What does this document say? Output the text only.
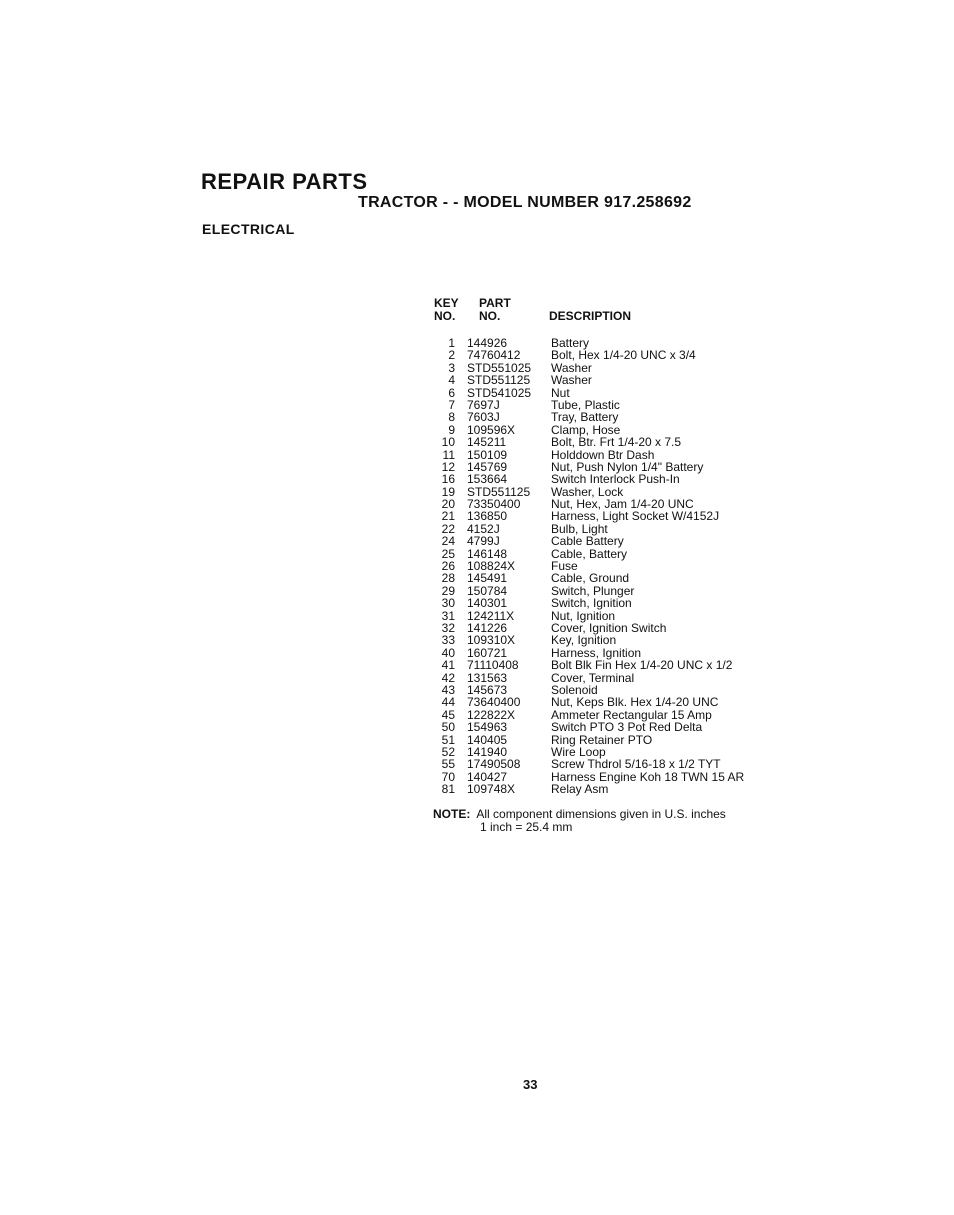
REPAIR PARTS
TRACTOR - - MODEL NUMBER 917.258692
ELECTRICAL
KEY
NO.
PART
NO.	DESCRIPTION
1 144926	Battery
2 74760412	Bolt, Hex 1/4-20 UNC x 3/4
3 STD551025 Washer
4 STD551125 Washer
6 STD541025 Nut
7 7697J	Tube, Plastic
8 7603J	Tray, Battery
9 109596X	Clamp, Hose
10 145211	Bolt, Btr. Frt 1/4-20 x 7.5
11 150109	Holddown Btr Dash
12 145769	Nut, Push Nylon 1/4" Battery
16 153664	Switch Interlock Push-In
19 STD551125 Washer, Lock
20 73350400	Nut, Hex, Jam 1/4-20 UNC
21 136850	Harness, Light Socket W/4152J
22 4152J	Bulb, Light
24 4799J	Cable Battery
25 146148	Cable, Battery
26 108824X	Fuse
28 145491	Cable, Ground
29 150784	Switch, Plunger
30 140301	Switch, Ignition
31 124211X	Nut, Ignition
32 141226	Cover, Ignition Switch
33 109310X	Key, Ignition
40 160721	Harness, Ignition
41 71110408	Bolt Blk Fin Hex 1/4-20 UNC x 1/2
42 131563	Cover, Terminal
43 145673	Solenoid
44 73640400	Nut, Keps Blk. Hex 1/4-20 UNC
45 122822X	Ammeter Rectangular 15 Amp
50 154963	Switch PTO 3 Pot Red Delta
51 140405	Ring Retainer PTO
52 141940	Wire Loop
55 17490508	Screw Thdrol 5/16-18 x 1/2 TYT
70 140427	Harness Engine Koh 18 TWN 15 AR
81 109748X	Relay Asm
NOTE: All component dimensions given in U.S. inches
1 inch = 25.4 mm
33
